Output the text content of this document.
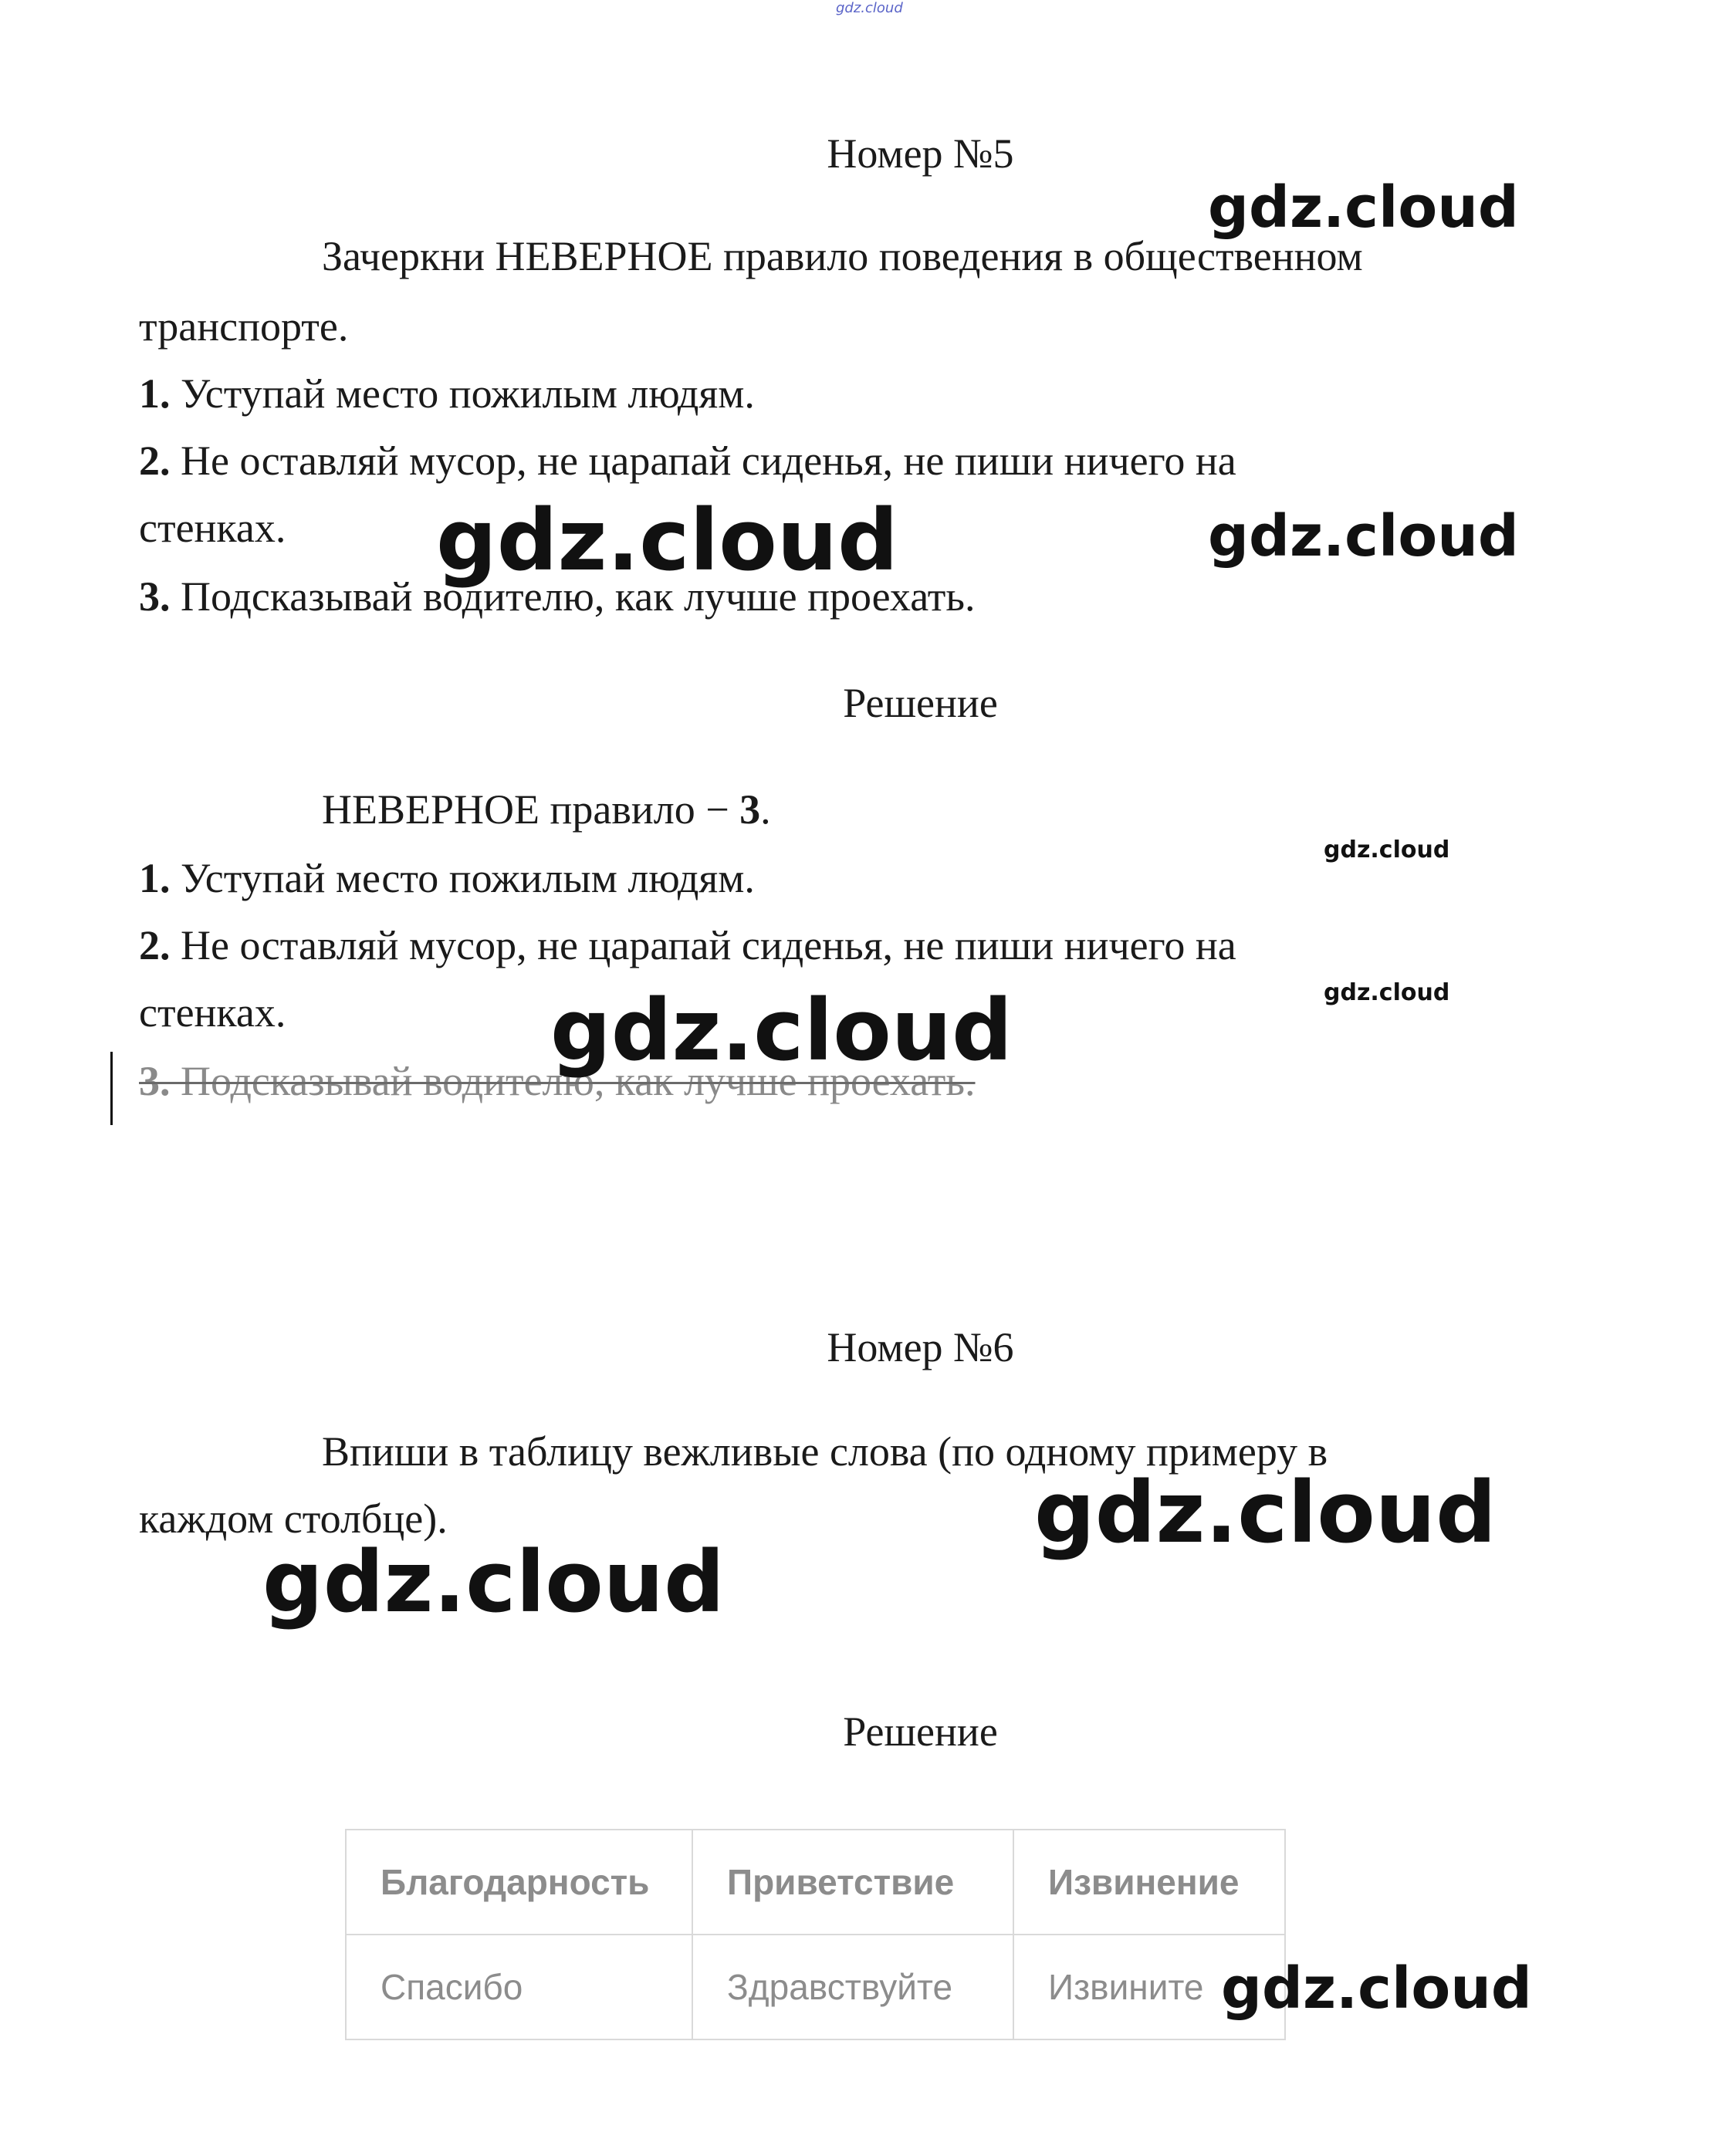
gdz.cloud
Номер №5
Зачеркни НЕВЕРНОЕ правило поведения в общественном
транспорте.
1. Уступай место пожилым людям.
2. Не оставляй мусор, не царапай сиденья, не пиши ничего на
стенках.
3. Подсказывай водителю, как лучше проехать.
Решение
НЕВЕРНОЕ правило − 3.
1. Уступай место пожилым людям.
2. Не оставляй мусор, не царапай сиденья, не пиши ничего на
стенках.
3. Подсказывай водителю, как лучше проехать.
Номер №6
Впиши в таблицу вежливые слова (по одному примеру в
каждом столбце).
Решение
Благодарность	Приветствие	Извинение
Спасибо	Здравствуйте	Извините
gdz.cloud
gdz.cloud	gdz.cloud
gdz.cloud
gdz.cloud
gdz.cloud
gdz.cloud
gdz.cloud
gdz.cloud
